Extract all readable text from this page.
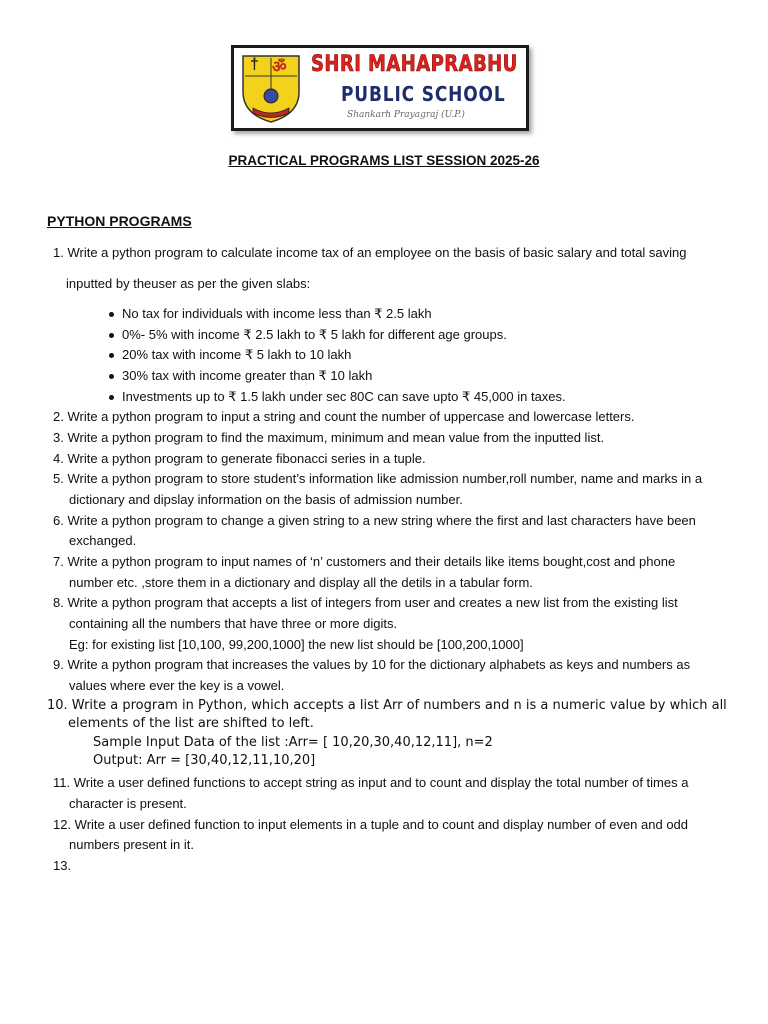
† ॐ SHRI MAHAPRABHU
PUBLIC SCHOOL
Shankarh Prayagraj (U.P.)
PRACTICAL PROGRAMS LIST SESSION 2025-26
PYTHON PROGRAMS
1. Write a python program to calculate income tax of an employee on the basis of basic salary and total saving
inputted by theuser as per the given slabs:
No tax for individuals with income less than ₹ 2.5 lakh
0%- 5% with income ₹ 2.5 lakh to ₹ 5 lakh for different age groups.
20% tax with income ₹ 5 lakh to 10 lakh
30% tax with income greater than ₹ 10 lakh
Investments up to ₹ 1.5 lakh under sec 80C can save upto ₹ 45,000 in taxes.
2. Write a python program to input a string and count the number of uppercase and lowercase letters.
3. Write a python program to find the maximum, minimum and mean value from the inputted list.
4. Write a python program to generate fibonacci series in a tuple.
5. Write a python program to store student’s information like admission number,roll number, name and marks in a
dictionary and dipslay information on the basis of admission number.
6. Write a python program to change a given string to a new string where the first and last characters have been
exchanged.
7. Write a python program to input names of ‘n’ customers and their details like items bought,cost and phone
number etc. ,store them in a dictionary and display all the detils in a tabular form.
8. Write a python program that accepts a list of integers from user and creates a new list from the existing list
containing all the numbers that have three or more digits.
Eg: for existing list [10,100, 99,200,1000] the new list should be [100,200,1000]
9. Write a python program that increases the values by 10 for the dictionary alphabets as keys and numbers as
values where ever the key is a vowel.
10. Write a program in Python, which accepts a list Arr of numbers and n is a numeric value by which all
elements of the list are shifted to left.
Sample Input Data of the list :Arr= [ 10,20,30,40,12,11], n=2
Output: Arr = [30,40,12,11,10,20]
11. Write a user defined functions to accept string as input and to count and display the total number of times a
character is present.
12. Write a user defined function to input elements in a tuple and to count and display number of even and odd
numbers present in it.
13.
